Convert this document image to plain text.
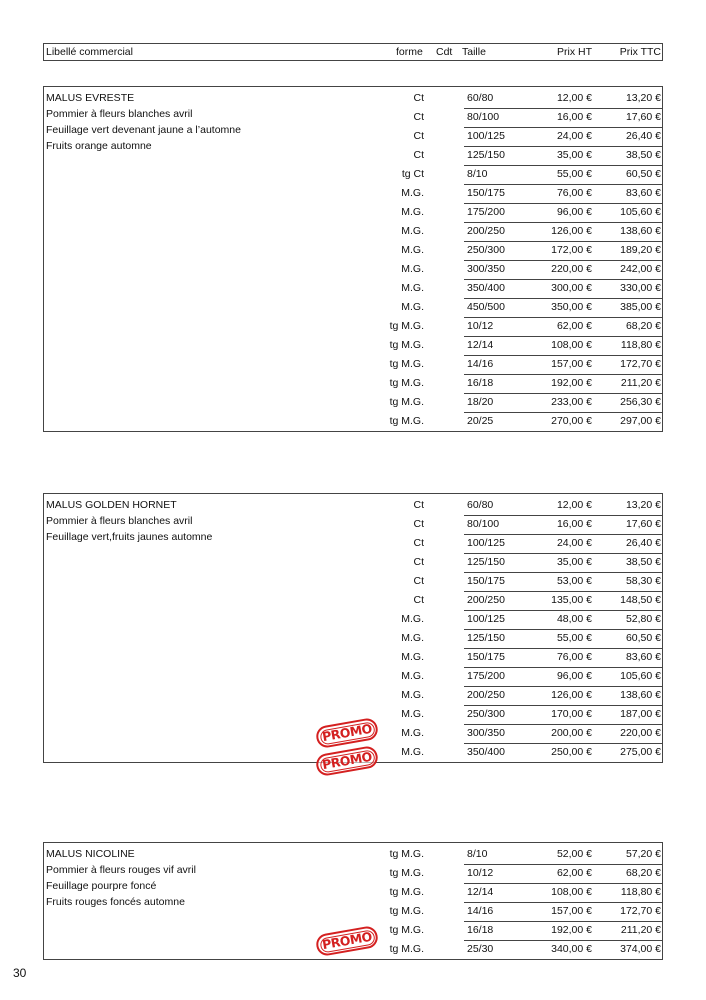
Libellé commercial	forme Cdt Taille	Prix HT	Prix TTC
MALUS EVRESTE
Pommier à fleurs blanches avril
Feuillage vert devenant jaune a l’automne
Fruits orange automne
Ct	60/80	12,00 €	13,20 €
Ct	80/100	16,00 €	17,60 €
Ct	100/125	24,00 €	26,40 €
Ct	125/150	35,00 €	38,50 €
tg Ct	8/10	55,00 €	60,50 €
M.G.	150/175	76,00 €	83,60 €
M.G.	175/200	96,00 €	105,60 €
M.G.	200/250	126,00 €	138,60 €
M.G.	250/300	172,00 €	189,20 €
M.G.	300/350	220,00 €	242,00 €
M.G.	350/400	300,00 €	330,00 €
M.G.	450/500	350,00 €	385,00 €
tg M.G.	10/12	62,00 €	68,20 €
tg M.G.	12/14	108,00 €	118,80 €
tg M.G.	14/16	157,00 €	172,70 €
tg M.G.	16/18	192,00 €	211,20 €
tg M.G.	18/20	233,00 €	256,30 €
tg M.G.	20/25	270,00 €	297,00 €
MALUS GOLDEN HORNET
Pommier à fleurs blanches avril
Feuillage vert,fruits jaunes automne
Ct	60/80	12,00 €	13,20 €
Ct	80/100	16,00 €	17,60 €
Ct	100/125	24,00 €	26,40 €
Ct	125/150	35,00 €	38,50 €
Ct	150/175	53,00 €	58,30 €
Ct	200/250	135,00 €	148,50 €
M.G.	100/125	48,00 €	52,80 €
M.G.	125/150	55,00 €	60,50 €
M.G.	150/175	76,00 €	83,60 €
M.G.	175/200	96,00 €	105,60 €
M.G.	200/250	126,00 €	138,60 €
M.G.	250/300	170,00 €	187,00 €
M.G.	300/350	200,00 €	220,00 €
M.G.	350/400	250,00 €	275,00 €
MALUS NICOLINE
Pommier à fleurs rouges vif avril
Feuillage pourpre foncé
Fruits rouges foncés automne
tg M.G.	8/10	52,00 €	57,20 €
tg M.G.	10/12	62,00 €	68,20 €
tg M.G.	12/14	108,00 €	118,80 €
tg M.G.	14/16	157,00 €	172,70 €
tg M.G.	16/18	192,00 €	211,20 €
tg M.G.	25/30	340,00 €	374,00 €
PROMO
PROMO
PROMO
30
